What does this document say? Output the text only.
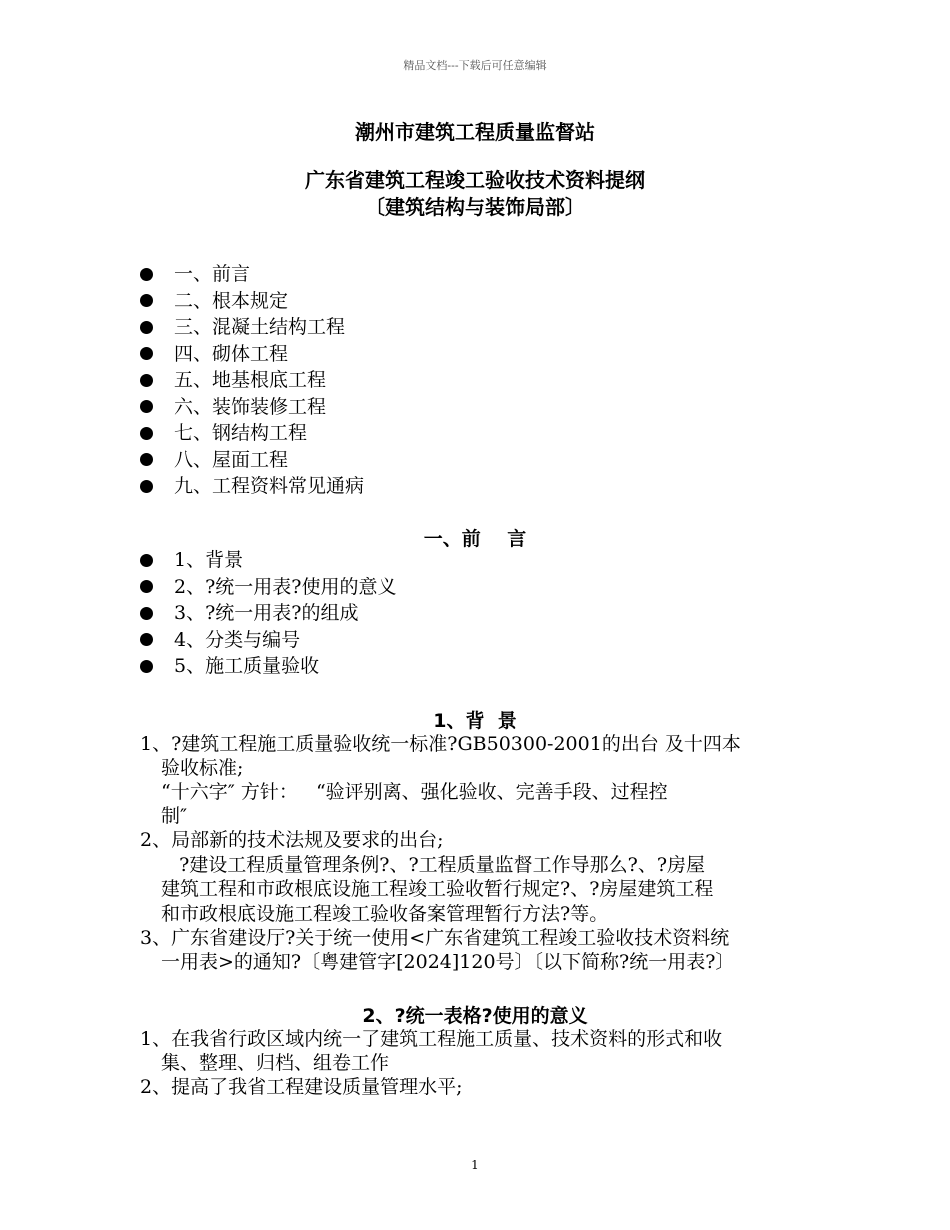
精品文档---下载后可任意编辑
潮州市建筑工程质量监督站
广东省建筑工程竣工验收技术资料提纲
〔建筑结构与装饰局部〕
一、前言
二、根本规定
三、混凝土结构工程
四、砌体工程
五、地基根底工程
六、装饰装修工程
七、钢结构工程
八、屋面工程
九、工程资料常见通病
一、前    言
1、背景
2、?统一用表?使用的意义
3、?统一用表?的组成
4、分类与编号
5、施工质量验收
1、背  景
1、?建筑工程施工质量验收统一标准?GB50300-2001的出台 及十四本
验收标准;
“十六字″ 方针：   “验评别离、强化验收、完善手段、过程控
制″
2、局部新的技术法规及要求的出台;
?建设工程质量管理条例?、?工程质量监督工作导那么?、?房屋
建筑工程和市政根底设施工程竣工验收暂行规定?、?房屋建筑工程
和市政根底设施工程竣工验收备案管理暂行方法?等。
3、广东省建设厅?关于统一使用<广东省建筑工程竣工验收技术资料统
一用表>的通知?〔粤建管字[2024]120号〕〔以下简称?统一用表?〕
2、?统一表格?使用的意义
1、在我省行政区域内统一了建筑工程施工质量、技术资料的形式和收
集、整理、归档、组卷工作
2、提高了我省工程建设质量管理水平;
1
